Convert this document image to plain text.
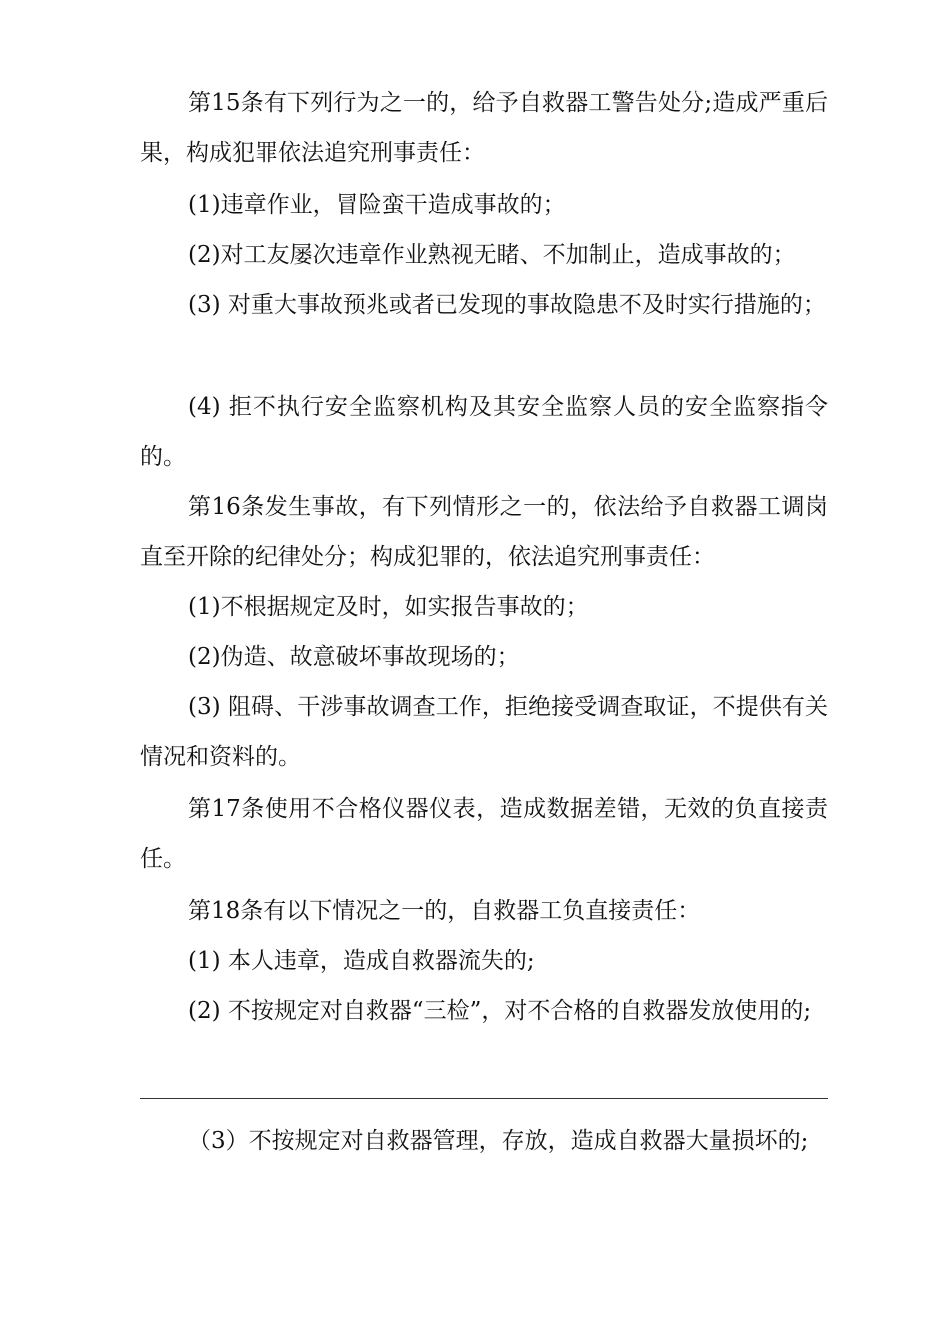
第15条有下列行为之一的，给予自救器工警告处分;造成严重后果，构成犯罪依法追究刑事责任：

(1)违章作业，冒险蛮干造成事故的；

(2)对工友屡次违章作业熟视无睹、不加制止，造成事故的；

(3) 对重大事故预兆或者已发现的事故隐患不及时实行措施的；

(4) 拒不执行安全监察机构及其安全监察人员的安全监察指令的。

第16条发生事故，有下列情形之一的，依法给予自救器工调岗直至开除的纪律处分；构成犯罪的，依法追究刑事责任：

(1)不根据规定及时，如实报告事故的；

(2)伪造、故意破坏事故现场的；

(3) 阻碍、干涉事故调查工作，拒绝接受调查取证，不提供有关情况和资料的。

第17条使用不合格仪器仪表，造成数据差错，无效的负直接责任。

第18条有以下情况之一的，自救器工负直接责任：

(1) 本人违章，造成自救器流失的;

(2) 不按规定对自救器“三检”，对不合格的自救器发放使用的;

（3）不按规定对自救器管理，存放，造成自救器大量损坏的;
